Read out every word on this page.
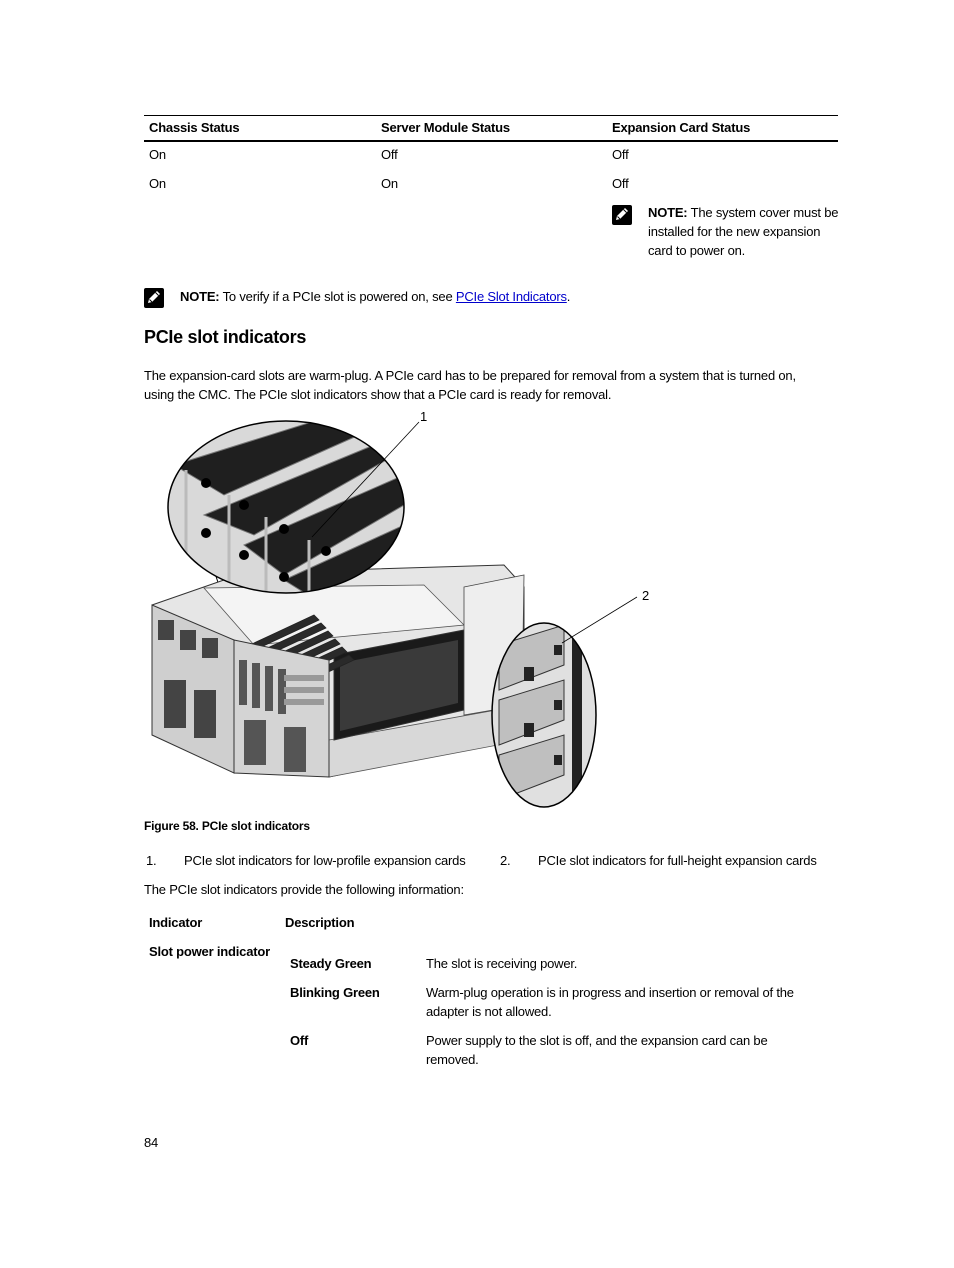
Chassis Status	Server Module Status	Expansion Card Status
On	Off	Off
On	On	Off
NOTE: The system cover must be
installed for the new expansion
card to power on.
NOTE: To verify if a PCIe slot is powered on, see PCIe Slot Indicators.
PCIe slot indicators
The expansion-card slots are warm-plug. A PCIe card has to be prepared for removal from a system that is turned on,
using the CMC. The PCIe slot indicators show that a PCIe card is ready for removal.
1
2
Figure 58. PCIe slot indicators
1. PCIe slot indicators for low-profile expansion cards	2. PCIe slot indicators for full-height expansion cards
The PCIe slot indicators provide the following information:
Indicator	Description
Slot power indicator
Steady Green	The slot is receiving power.
Blinking Green	Warm-plug operation is in progress and insertion or removal of the
adapter is not allowed.
Off	Power supply to the slot is off, and the expansion card can be
removed.
84
